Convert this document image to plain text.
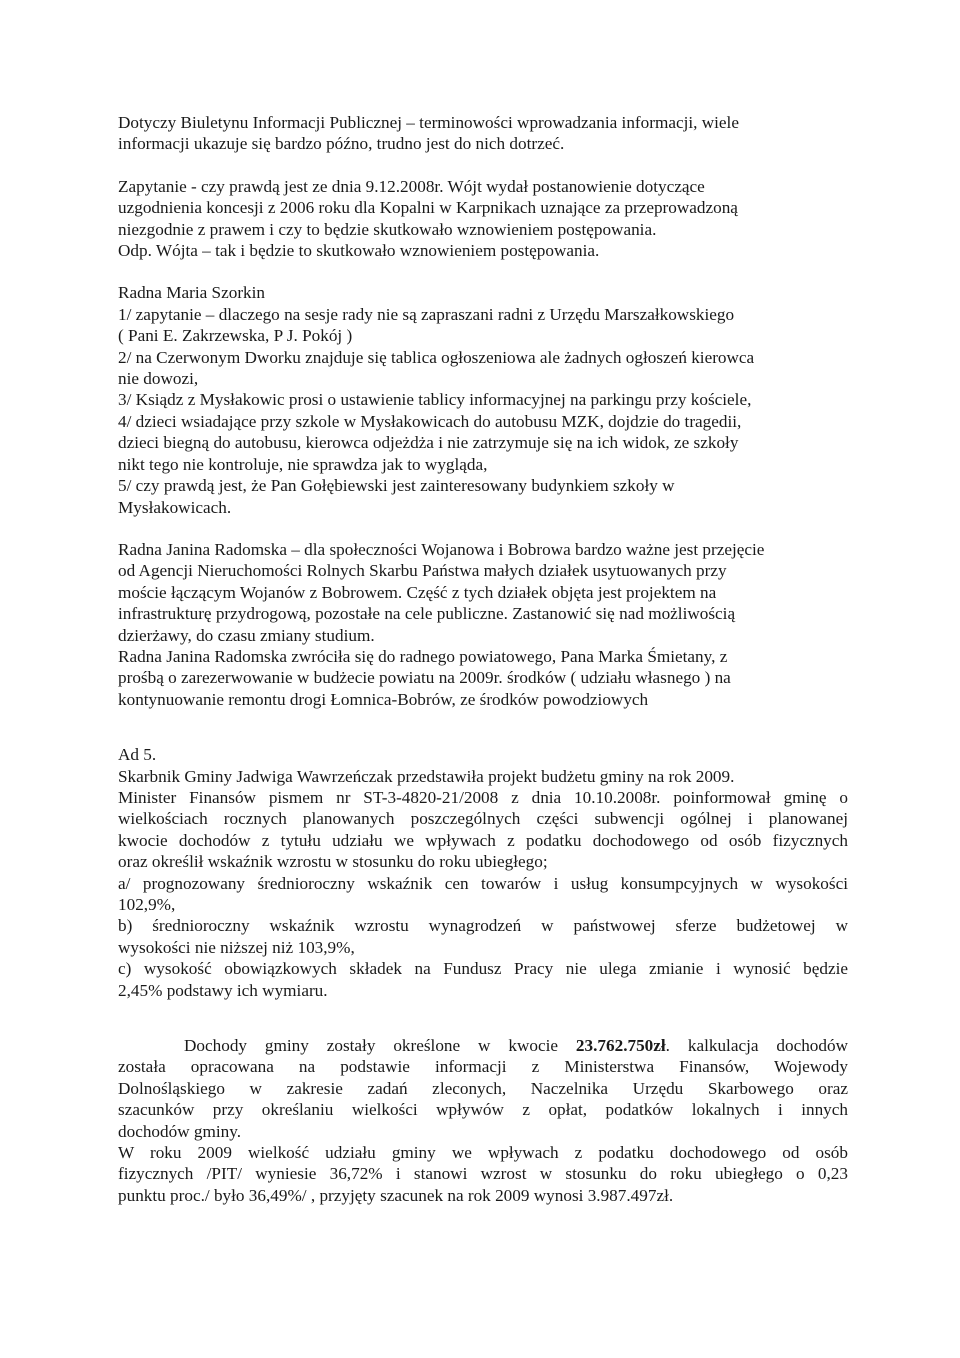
Dotyczy Biuletynu Informacji Publicznej – terminowości wprowadzania informacji, wiele
informacji ukazuje się bardzo późno, trudno jest do nich dotrzeć.
Zapytanie - czy prawdą jest ze dnia 9.12.2008r. Wójt wydał postanowienie dotyczące
uzgodnienia koncesji z 2006 roku dla Kopalni w Karpnikach uznające za przeprowadzoną
niezgodnie z prawem i czy to będzie skutkowało wznowieniem postępowania.
Odp. Wójta – tak i będzie to skutkowało wznowieniem postępowania.
Radna Maria Szorkin
1/ zapytanie – dlaczego na sesje rady nie są zapraszani radni z Urzędu Marszałkowskiego
( Pani E. Zakrzewska, P J. Pokój )
2/ na Czerwonym Dworku znajduje się tablica ogłoszeniowa ale żadnych ogłoszeń kierowca
nie dowozi,
3/ Ksiądz z Mysłakowic prosi o ustawienie tablicy informacyjnej na parkingu przy kościele,
4/ dzieci wsiadające przy szkole w Mysłakowicach do autobusu MZK, dojdzie do tragedii,
dzieci biegną do autobusu, kierowca odjeżdża i nie zatrzymuje się na ich widok, ze szkoły
nikt tego nie kontroluje, nie sprawdza jak to wygląda,
5/ czy prawdą jest, że Pan Gołębiewski jest zainteresowany budynkiem szkoły w
Mysłakowicach.
Radna Janina Radomska – dla społeczności Wojanowa i Bobrowa bardzo ważne jest przejęcie
od Agencji Nieruchomości Rolnych Skarbu Państwa małych działek usytuowanych przy
moście łączącym Wojanów z Bobrowem. Część z tych działek objęta jest projektem na
infrastrukturę przydrogową, pozostałe na cele publiczne. Zastanowić się nad możliwością
dzierżawy, do czasu zmiany studium.
Radna Janina Radomska zwróciła się do radnego powiatowego, Pana Marka Śmietany, z
prośbą o zarezerwowanie w budżecie powiatu na 2009r. środków ( udziału własnego ) na
kontynuowanie remontu drogi Łomnica-Bobrów, ze środków powodziowych
Ad 5.
Skarbnik Gminy Jadwiga Wawrzeńczak przedstawiła projekt budżetu gminy na rok 2009.
Minister Finansów pismem nr ST-3-4820-21/2008 z dnia 10.10.2008r. poinformował gminę o
wielkościach rocznych planowanych poszczególnych części subwencji ogólnej i planowanej
kwocie dochodów z tytułu udziału we wpływach z podatku dochodowego od osób fizycznych
oraz określił wskaźnik wzrostu w stosunku do roku ubiegłego;
a/ prognozowany średnioroczny wskaźnik cen towarów i usług konsumpcyjnych w wysokości
102,9%,
b) średnioroczny wskaźnik wzrostu wynagrodzeń w państwowej sferze budżetowej w
wysokości nie niższej niż 103,9%,
c) wysokość obowiązkowych składek na Fundusz Pracy nie ulega zmianie i wynosić będzie
2,45% podstawy ich wymiaru.
Dochody gminy zostały określone w kwocie 23.762.750zł. kalkulacja dochodów
została opracowana na podstawie informacji z Ministerstwa Finansów, Wojewody
Dolnośląskiego w zakresie zadań zleconych, Naczelnika Urzędu Skarbowego oraz
szacunków przy określaniu wielkości wpływów z opłat, podatków lokalnych i innych
dochodów gminy.
W roku 2009 wielkość udziału gminy we wpływach z podatku dochodowego od osób
fizycznych /PIT/ wyniesie 36,72% i stanowi wzrost w stosunku do roku ubiegłego o 0,23
punktu proc./ było 36,49%/ , przyjęty szacunek na rok 2009 wynosi 3.987.497zł.
